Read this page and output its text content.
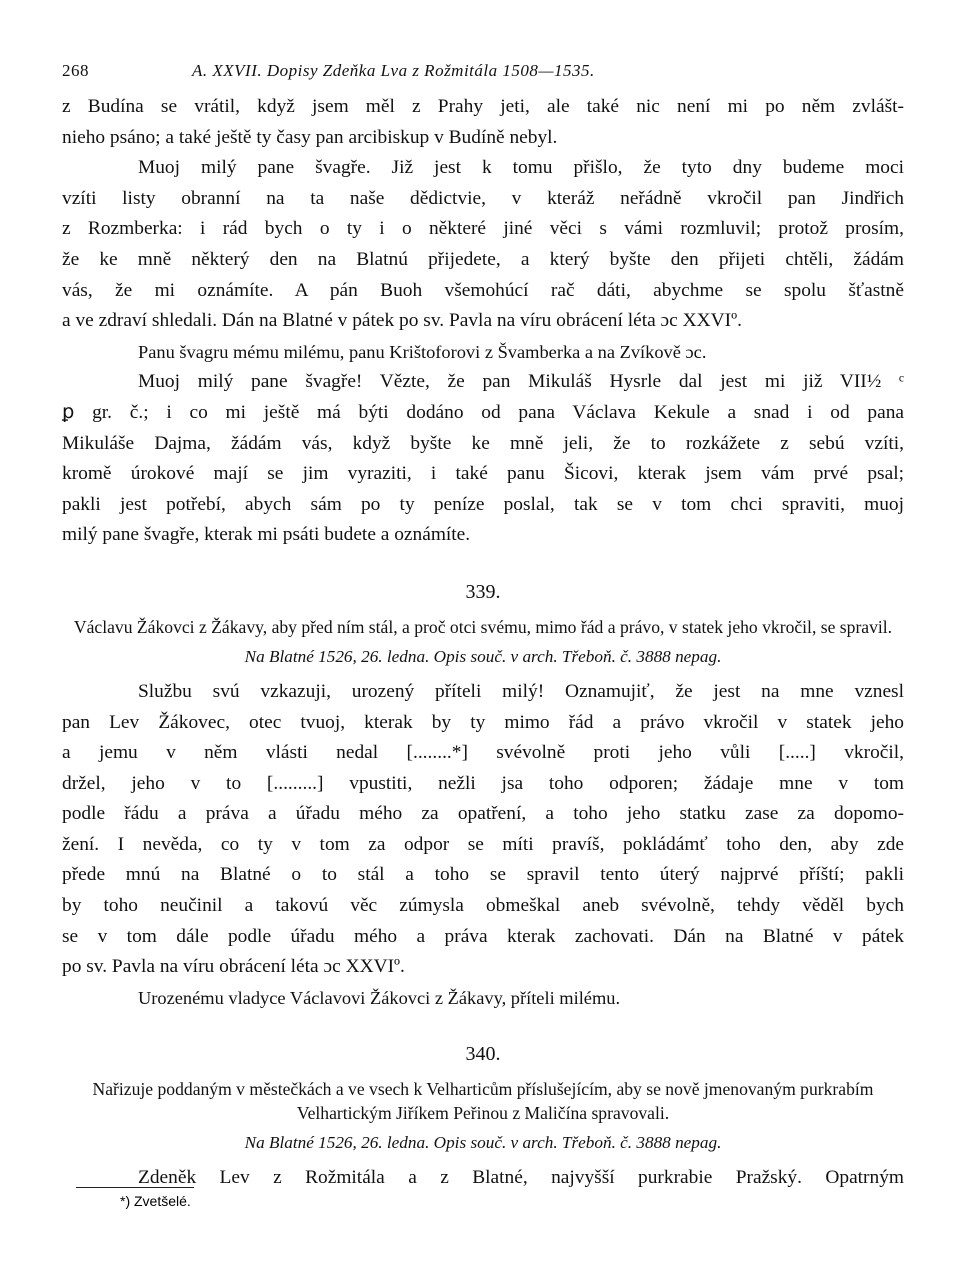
268	A. XXVII. Dopisy Zdeňka Lva z Rožmitála 1508—1535.

z Budína se vrátil, když jsem měl z Prahy jeti, ale také nic není mi po něm zvlášt-
nieho psáno; a také ještě ty časy pan arcibiskup v Budíně nebyl.
Muoj milý pane švagře. Již jest k tomu přišlo, že tyto dny budeme moci
vzíti listy obranní na ta naše dědictvie, v kteráž neřádně vkročil pan Jindřich
z Rozmberka: i rád bych o ty i o některé jiné věci s vámi rozmluvil; protož prosím,
že ke mně některý den na Blatnú přijedete, a který byšte den přijeti chtěli, žádám
vás, že mi oznámíte. A pán Buoh všemohúcí rač dáti, abychme se spolu šťastně
a ve zdraví shledali. Dán na Blatné v pátek po sv. Pavla na víru obrácení léta ɔc XXVIº.

Panu švagru mému milému, panu Krištoforovi z Švamberka a na Zvíkově ɔc.

Muoj milý pane švagře! Vězte, že pan Mikuláš Hysrle dal jest mi již VII½ ᶜ
ꝑ gr. č.; i co mi ještě má býti dodáno od pana Václava Kekule a snad i od pana
Mikuláše Dajma, žádám vás, když byšte ke mně jeli, že to rozkážete z sebú vzíti,
kromě úrokové mají se jim vyraziti, i také panu Šicovi, kterak jsem vám prvé psal;
pakli jest potřebí, abych sám po ty peníze poslal, tak se v tom chci spraviti, muoj
milý pane švagře, kterak mi psáti budete a oznámíte.

339.
Václavu Žákovci z Žákavy, aby před ním stál, a proč otci svému, mimo řád a právo, v statek jeho vkročil, se spravil.
Na Blatné 1526, 26. ledna. Opis souč. v arch. Třeboň. č. 3888 nepag.

Službu svú vzkazuji, urozený příteli milý! Oznamujiť, že jest na mne vznesl
pan Lev Žákovec, otec tvuoj, kterak by ty mimo řád a právo vkročil v statek jeho
a jemu v něm vlásti nedal [........*] svévolně proti jeho vůli [.....] vkročil,
držel, jeho v to [.........] vpustiti, nežli jsa toho odporen; žádaje mne v tom
podle řádu a práva a úřadu mého za opatření, a toho jeho statku zase za dopomo-
žení. I nevěda, co ty v tom za odpor se míti pravíš, pokládámť toho den, aby zde
přede mnú na Blatné o to stál a toho se spravil tento úterý najprvé příští; pakli
by toho neučinil a takovú věc zúmysla obmeškal aneb svévolně, tehdy věděl bych
se v tom dále podle úřadu mého a práva kterak zachovati. Dán na Blatné v pátek
po sv. Pavla na víru obrácení léta ɔc XXVIº.

Urozenému vladyce Václavovi Žákovci z Žákavy, příteli milému.

340.
Nařizuje poddaným v městečkách a ve vsech k Velharticům příslušejícím, aby se nově jmenovaným purkrabím Velhartickým Jiříkem Peřinou z Maličína spravovali.
Na Blatné 1526, 26. ledna. Opis souč. v arch. Třeboň. č. 3888 nepag.

Zdeněk Lev z Rožmitála a z Blatné, najvyšší purkrabie Pražský. Opatrným

*) Zvetšelé.
